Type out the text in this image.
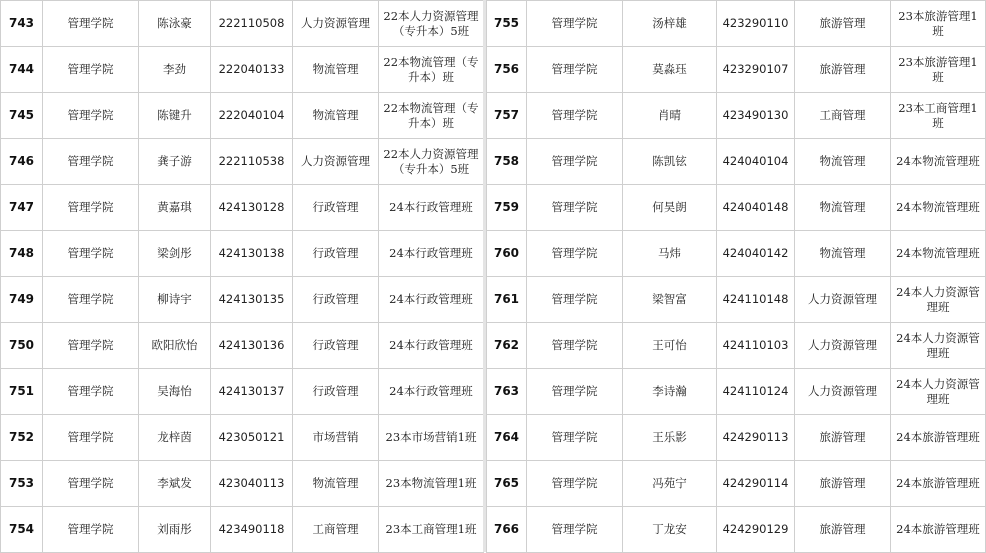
743	管理学院	陈泳豪	222110508	人力资源管理	22本人力资源管理（专升本）5班
744	管理学院	李劲	222040133	物流管理	22本物流管理（专升本）班
745	管理学院	陈键升	222040104	物流管理	22本物流管理（专升本）班
746	管理学院	龚子游	222110538	人力资源管理	22本人力资源管理（专升本）5班
747	管理学院	黄嘉琪	424130128	行政管理	24本行政管理班
748	管理学院	梁剑彤	424130138	行政管理	24本行政管理班
749	管理学院	柳诗宇	424130135	行政管理	24本行政管理班
750	管理学院	欧阳欣怡	424130136	行政管理	24本行政管理班
751	管理学院	吴海怡	424130137	行政管理	24本行政管理班
752	管理学院	龙梓茵	423050121	市场营销	23本市场营销1班
753	管理学院	李斌发	423040113	物流管理	23本物流管理1班
754	管理学院	刘雨彤	423490118	工商管理	23本工商管理1班
755	管理学院	汤梓雄	423290110	旅游管理	23本旅游管理1班
756	管理学院	莫淼珏	423290107	旅游管理	23本旅游管理1班
757	管理学院	肖晴	423490130	工商管理	23本工商管理1班
758	管理学院	陈凯铉	424040104	物流管理	24本物流管理班
759	管理学院	何昊朗	424040148	物流管理	24本物流管理班
760	管理学院	马炜	424040142	物流管理	24本物流管理班
761	管理学院	梁智富	424110148	人力资源管理	24本人力资源管理班
762	管理学院	王可怡	424110103	人力资源管理	24本人力资源管理班
763	管理学院	李诗瀚	424110124	人力资源管理	24本人力资源管理班
764	管理学院	王乐影	424290113	旅游管理	24本旅游管理班
765	管理学院	冯苑宁	424290114	旅游管理	24本旅游管理班
766	管理学院	丁龙安	424290129	旅游管理	24本旅游管理班
